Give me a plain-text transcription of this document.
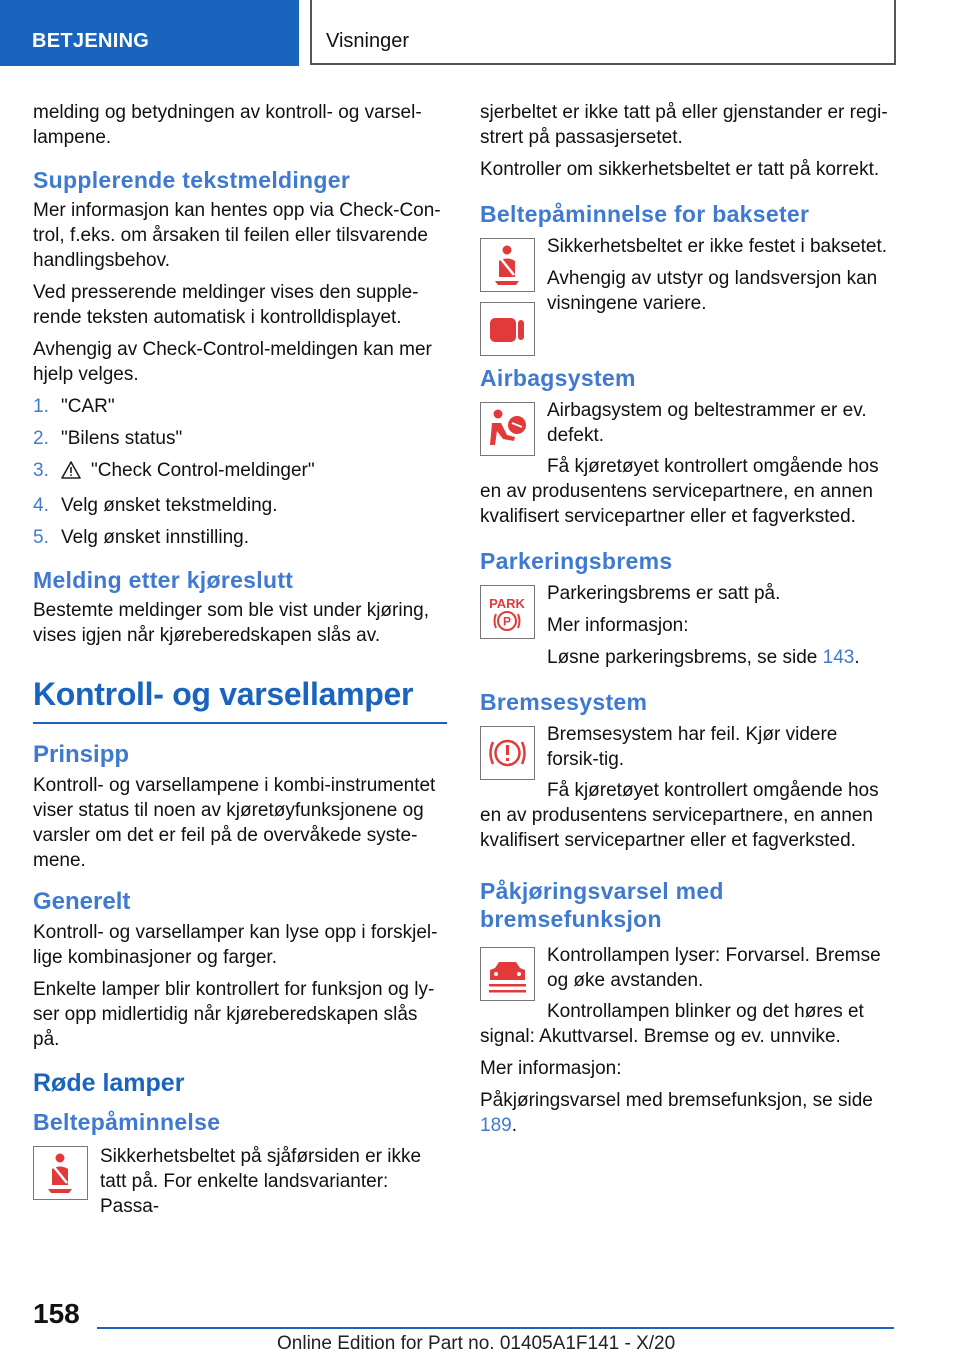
BETJENING	Visninger

melding og betydningen av kontroll- og varsel-lampene.

Supplerende tekstmeldinger

Mer informasjon kan hentes opp via Check-Con-trol, f.eks. om årsaken til feilen eller tilsvarende handlingsbehov.

Ved presserende meldinger vises den supple-rende teksten automatisk i kontrolldisplayet.

Avhengig av Check-Control-meldingen kan mer hjelp velges.

1. "CAR"
2. "Bilens status"
3. "Check Control-meldinger"
4. Velg ønsket tekstmelding.
5. Velg ønsket innstilling.
Melding etter kjøreslutt

Bestemte meldinger som ble vist under kjøring, vises igjen når kjøreberedskapen slås av.

Kontroll- og varsellamper
Prinsipp

Kontroll- og varsellampene i kombi-instrumentet viser status til noen av kjøretøyfunksjonene og varsler om det er feil på de overvåkede syste-mene.

Generelt

Kontroll- og varsellamper kan lyse opp i forskjel-lige kombinasjoner og farger.

Enkelte lamper blir kontrollert for funksjon og ly-ser opp midlertidig når kjøreberedskapen slås på.

Røde lamper
Beltepåminnelse

Sikkerhetsbeltet på sjåførsiden er ikke tatt på. For enkelte landsvarianter: Passa-

sjerbeltet er ikke tatt på eller gjenstander er regi-strert på passasjersetet.

Kontroller om sikkerhetsbeltet er tatt på korrekt.

Beltepåminnelse for bakseter

Sikkerhetsbeltet er ikke festet i baksetet.

Avhengig av utstyr og landsversjon kan visningene variere.

Airbagsystem

Airbagsystem og beltestrammer er ev. defekt.

Få kjøretøyet kontrollert omgående hos en av produsentens servicepartnere, en annen kvalifisert servicepartner eller et fagverksted.

Parkeringsbrems
PARK
P

Parkeringsbrems er satt på.

Mer informasjon:

Løsne parkeringsbrems, se side 143.

Bremsesystem

Bremsesystem har feil. Kjør videre forsik-tig.

Få kjøretøyet kontrollert omgående hos en av produsentens servicepartnere, en annen kvalifisert servicepartner eller et fagverksted.

Påkjøringsvarsel med bremsefunksjon

Kontrollampen lyser: Forvarsel. Bremse og øke avstanden.

Kontrollampen blinker og det høres et signal: Akuttvarsel. Bremse og ev. unnvike.

Mer informasjon:

Påkjøringsvarsel med bremsefunksjon, se side 189.

158
Online Edition for Part no. 01405A1F141 - X/20
